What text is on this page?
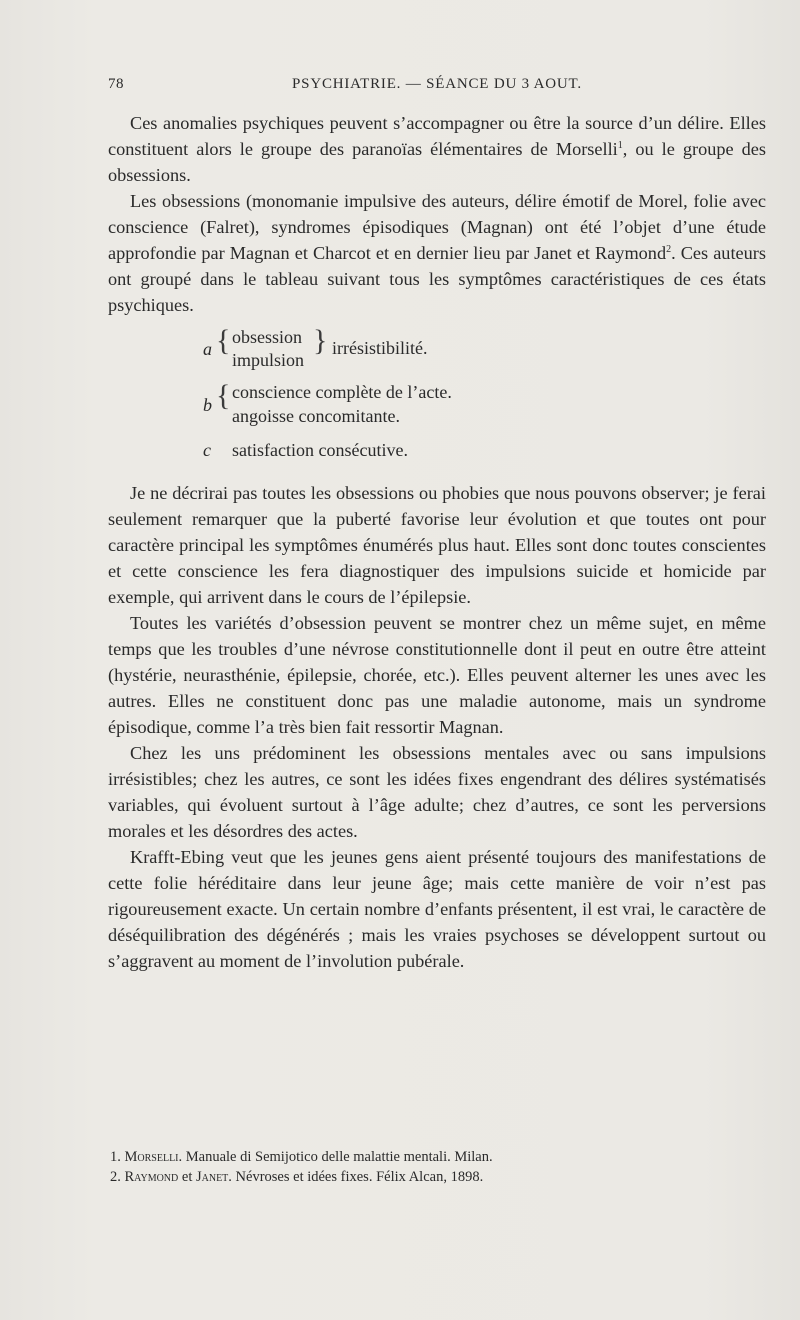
78	PSYCHIATRIE. — SÉANCE DU 3 AOUT.

Ces anomalies psychiques peuvent s’accompagner ou être la source d’un délire. Elles constituent alors le groupe des paranoïas élémentaires de Morselli$^1$, ou le groupe des obsessions.

Les obsessions (monomanie impulsive des auteurs, délire émotif de Morel, folie avec conscience (Falret), syndromes épisodiques (Magnan) ont été l’objet d’une étude approfondie par Magnan et Charcot et en dernier lieu par Janet et Raymond$^2$. Ces auteurs ont groupé dans le tableau suivant tous les symptômes caractéristiques de ces états psychiques.

a { obsession
impulsion
} irrésistibilité.
b { conscience complète de l’acte.
angoisse concomitante.
c satisfaction consécutive.

Je ne décrirai pas toutes les obsessions ou phobies que nous pouvons observer; je ferai seulement remarquer que la puberté favorise leur évolution et que toutes ont pour caractère principal les symptômes énumérés plus haut. Elles sont donc toutes conscientes et cette conscience les fera diagnostiquer des impulsions suicide et homicide par exemple, qui arrivent dans le cours de l’épilepsie.

Toutes les variétés d’obsession peuvent se montrer chez un même sujet, en même temps que les troubles d’une névrose constitutionnelle dont il peut en outre être atteint (hystérie, neurasthénie, épilepsie, chorée, etc.). Elles peuvent alterner les unes avec les autres. Elles ne constituent donc pas une maladie autonome, mais un syndrome épisodique, comme l’a très bien fait ressortir Magnan.

Chez les uns prédominent les obsessions mentales avec ou sans impulsions irrésistibles; chez les autres, ce sont les idées fixes engendrant des délires systématisés variables, qui évoluent surtout à l’âge adulte; chez d’autres, ce sont les perversions morales et les désordres des actes.

Krafft-Ebing veut que les jeunes gens aient présenté toujours des manifestations de cette folie héréditaire dans leur jeune âge; mais cette manière de voir n’est pas rigoureusement exacte. Un certain nombre d’enfants présentent, il est vrai, le caractère de déséquilibration des dégénérés ; mais les vraies psychoses se développent surtout ou s’aggravent au moment de l’involution pubérale.

1. Morselli. Manuale di Semijotico delle malattie mentali. Milan.
2. Raymond et Janet. Névroses et idées fixes. Félix Alcan, 1898.
